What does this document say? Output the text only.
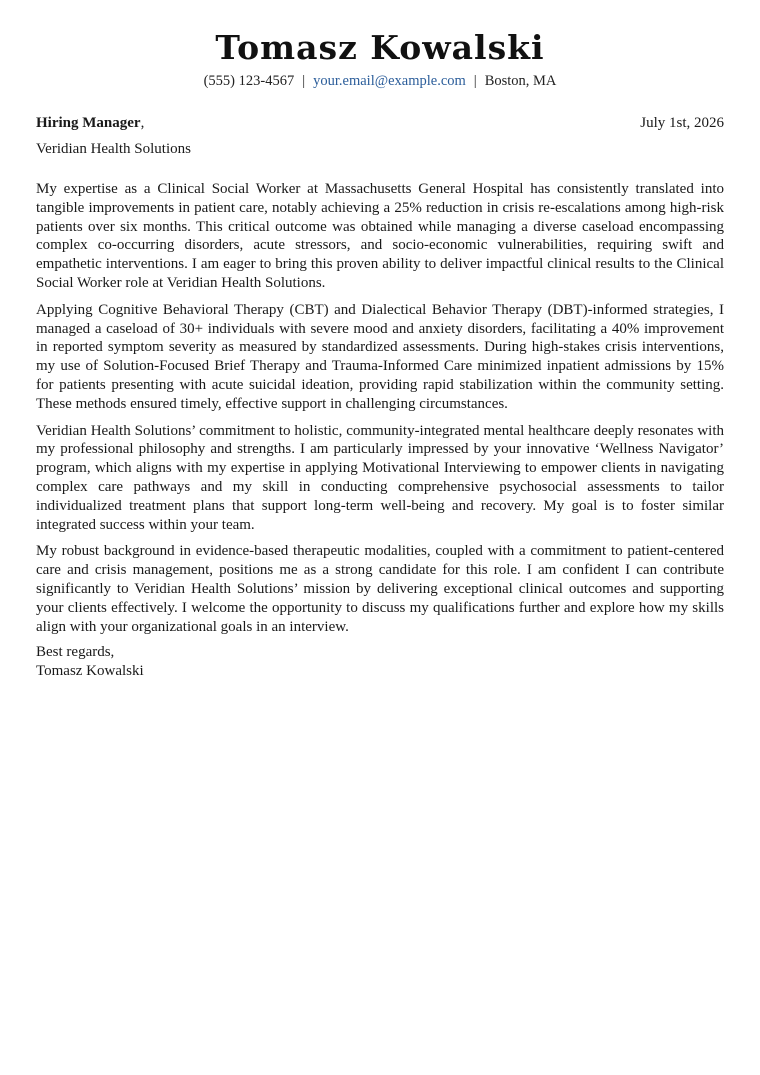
Tomasz Kowalski
(555) 123-4567 | your.email@example.com | Boston, MA
Hiring Manager,	July 1st, 2026
Veridian Health Solutions

My expertise as a Clinical Social Worker at Massachusetts General Hospital has consistently translated into tangible improvements in patient care, notably achieving a 25% reduction in crisis re-escalations among high-risk patients over six months. This critical outcome was obtained while managing a diverse caseload encompassing complex co-occurring disorders, acute stressors, and socio-economic vulnerabilities, requiring swift and empathetic interventions. I am eager to bring this proven ability to deliver impactful clinical results to the Clinical Social Worker role at Veridian Health Solutions.

Applying Cognitive Behavioral Therapy (CBT) and Dialectical Behavior Therapy (DBT)-informed strategies, I managed a caseload of 30+ individuals with severe mood and anxiety disorders, facilitating a 40% improvement in reported symptom severity as measured by standardized assessments. During high-stakes crisis interventions, my use of Solution-Focused Brief Therapy and Trauma-Informed Care minimized inpatient admissions by 15% for patients presenting with acute suicidal ideation, providing rapid stabilization within the community setting. These methods ensured timely, effective support in challenging circumstances.

Veridian Health Solutions’ commitment to holistic, community-integrated mental healthcare deeply resonates with my professional philosophy and strengths. I am particularly impressed by your innovative ‘Wellness Navigator’ program, which aligns with my expertise in applying Motivational Interviewing to empower clients in navigating complex care pathways and my skill in conducting comprehensive psychosocial assessments to tailor individualized treatment plans that support long-term well-being and recovery. My goal is to foster similar integrated success within your team.

My robust background in evidence-based therapeutic modalities, coupled with a commitment to patient-centered care and crisis management, positions me as a strong candidate for this role. I am confident I can contribute significantly to Veridian Health Solutions’ mission by delivering exceptional clinical outcomes and supporting your clients effectively. I welcome the opportunity to discuss my qualifications further and explore how my skills align with your organizational goals in an interview.

Best regards,
Tomasz Kowalski
